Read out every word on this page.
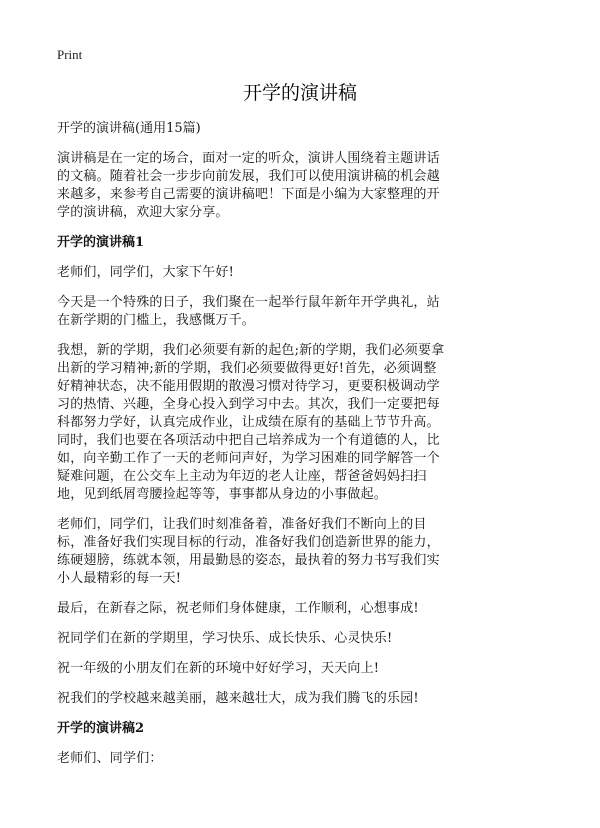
Print
开学的演讲稿

开学的演讲稿(通用15篇)

演讲稿是在一定的场合，面对一定的听众，演讲人围绕着主题讲话的文稿。随着社会一步步向前发展，我们可以使用演讲稿的机会越来越多，来参考自己需要的演讲稿吧！下面是小编为大家整理的开学的演讲稿，欢迎大家分享。

开学的演讲稿1

老师们，同学们，大家下午好!

今天是一个特殊的日子，我们聚在一起举行鼠年新年开学典礼，站在新学期的门槛上，我感慨万千。

我想，新的学期，我们必须要有新的起色;新的学期，我们必须要拿出新的学习精神;新的学期，我们必须要做得更好!首先，必须调整好精神状态，决不能用假期的散漫习惯对待学习，更要积极调动学习的热情、兴趣，全身心投入到学习中去。其次，我们一定要把每科都努力学好，认真完成作业，让成绩在原有的基础上节节升高。同时，我们也要在各项活动中把自己培养成为一个有道德的人，比如，向辛勤工作了一天的老师问声好，为学习困难的同学解答一个疑难问题，在公交车上主动为年迈的老人让座，帮爸爸妈妈扫扫地，见到纸屑弯腰捡起等等，事事都从身边的小事做起。

老师们，同学们，让我们时刻准备着，准备好我们不断向上的目标，准备好我们实现目标的行动，准备好我们创造新世界的能力，练硬翅膀，练就本领，用最勤恳的姿态，最执着的努力书写我们实小人最精彩的每一天!

最后，在新春之际，祝老师们身体健康，工作顺利，心想事成!

祝同学们在新的学期里，学习快乐、成长快乐、心灵快乐!

祝一年级的小朋友们在新的环境中好好学习，天天向上!

祝我们的学校越来越美丽，越来越壮大，成为我们腾飞的乐园!

开学的演讲稿2

老师们、同学们：
